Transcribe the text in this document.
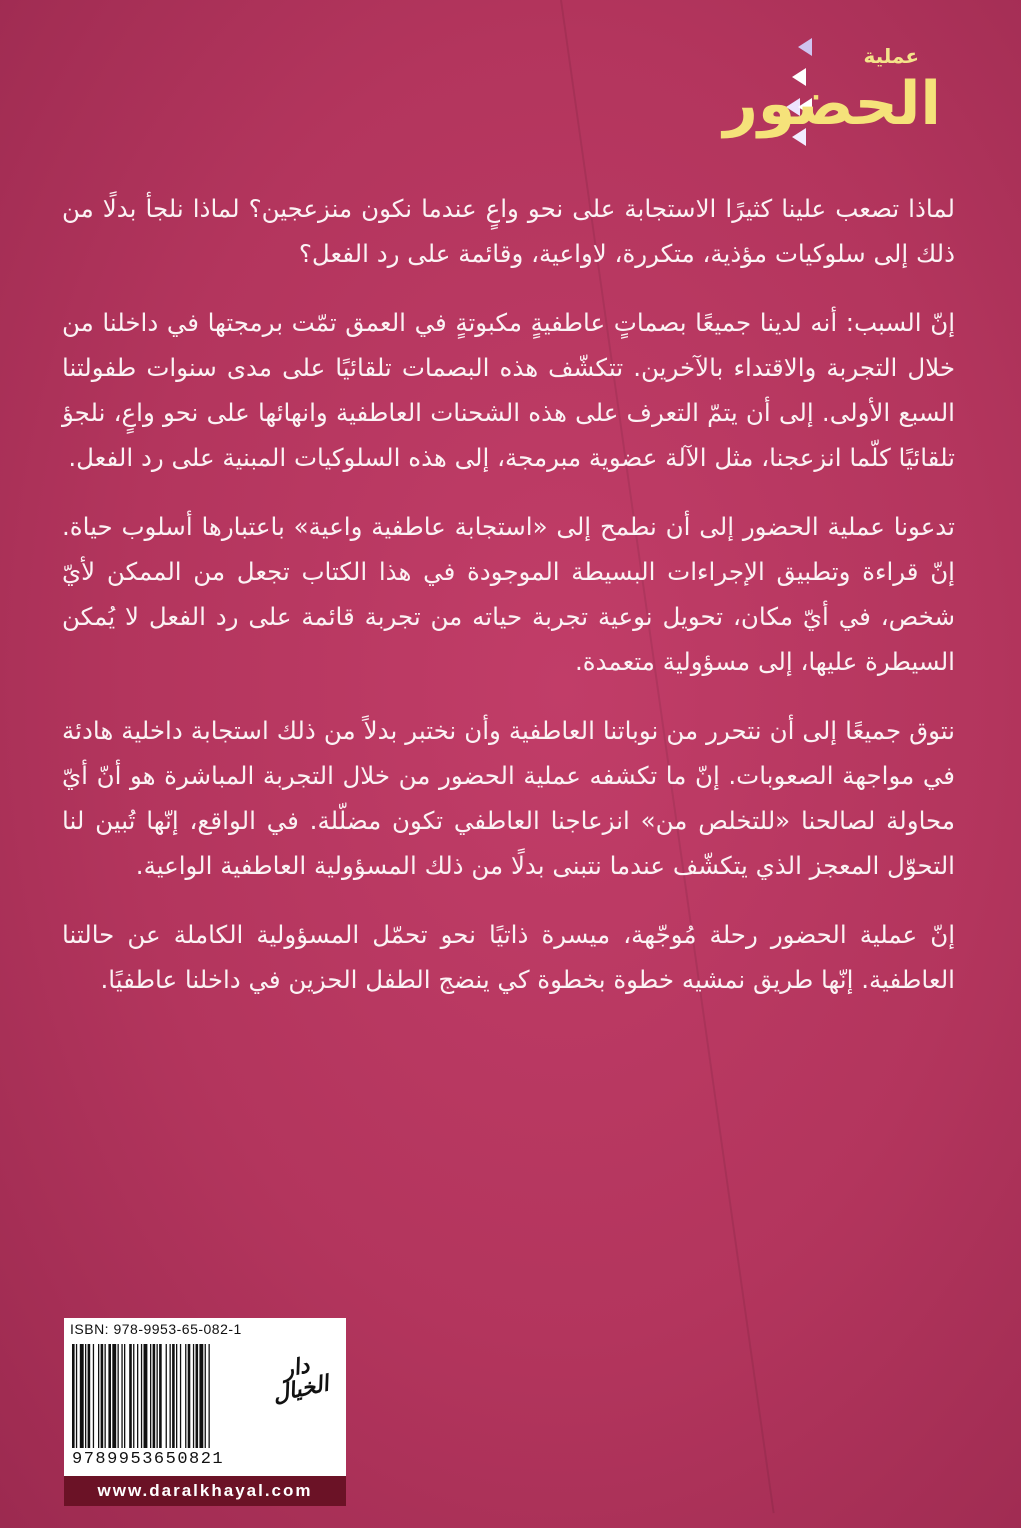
عملية
الحضور

لماذا تصعب علينا كثيرًا الاستجابة على نحو واعٍ عندما نكون منزعجين؟ لماذا نلجأ بدلًا من ذلك إلى سلوكيات مؤذية، متكررة، لاواعية، وقائمة على رد الفعل؟

إنّ السبب: أنه لدينا جميعًا بصماتٍ عاطفيةٍ مكبوتةٍ في العمق تمّت برمجتها في داخلنا من خلال التجربة والاقتداء بالآخرين. تتكشّف هذه البصمات تلقائيًا على مدى سنوات طفولتنا السبع الأولى. إلى أن يتمّ التعرف على هذه الشحنات العاطفية وانهائها على نحو واعٍ، نلجؤ تلقائيًا كلّما انزعجنا، مثل الآلة عضوية مبرمجة، إلى هذه السلوكيات المبنية على رد الفعل.

تدعونا عملية الحضور إلى أن نطمح إلى «استجابة عاطفية واعية» باعتبارها أسلوب حياة. إنّ قراءة وتطبيق الإجراءات البسيطة الموجودة في هذا الكتاب تجعل من الممكن لأيّ شخص، في أيّ مكان، تحويل نوعية تجربة حياته من تجربة قائمة على رد الفعل لا يُمكن السيطرة عليها، إلى مسؤولية متعمدة.

نتوق جميعًا إلى أن نتحرر من نوباتنا العاطفية وأن نختبر بدلاً من ذلك استجابة داخلية هادئة في مواجهة الصعوبات. إنّ ما تكشفه عملية الحضور من خلال التجربة المباشرة هو أنّ أيّ محاولة لصالحنا «للتخلص من» انزعاجنا العاطفي تكون مضلّلة. في الواقع، إنّها تُبين لنا التحوّل المعجز الذي يتكشّف عندما نتبنى بدلًا من ذلك المسؤولية العاطفية الواعية.

إنّ عملية الحضور رحلة مُوجّهة، ميسرة ذاتيًا نحو تحمّل المسؤولية الكاملة عن حالتنا العاطفية. إنّها طريق نمشيه خطوة بخطوة كي ينضج الطفل الحزين في داخلنا عاطفيًا.

ISBN: 978-9953-65-082-1
9789953650821
دار الخيال
www.daralkhayal.com
